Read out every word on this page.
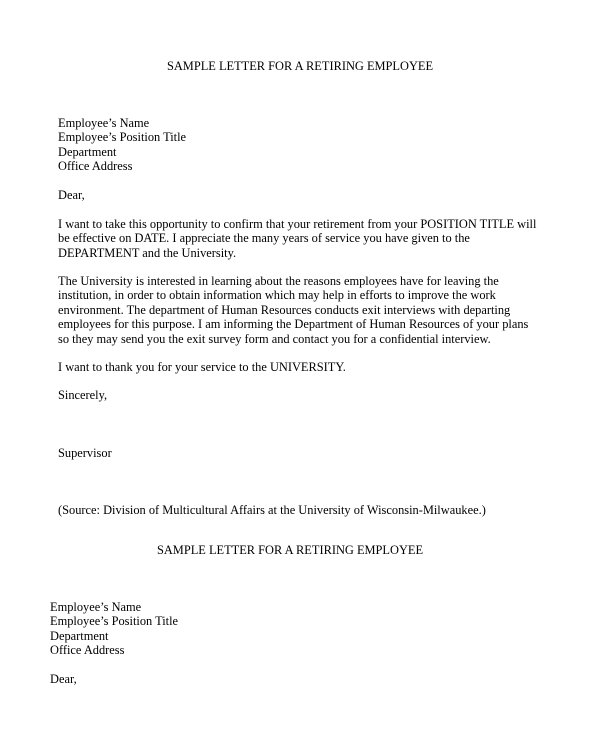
SAMPLE LETTER FOR A RETIRING EMPLOYEE
Employee’s Name
Employee’s Position Title
Department
Office Address
Dear,
I want to take this opportunity to confirm that your retirement from your POSITION TITLE will
be effective on DATE. I appreciate the many years of service you have given to the
DEPARTMENT and the University.
The University is interested in learning about the reasons employees have for leaving the
institution, in order to obtain information which may help in efforts to improve the work
environment. The department of Human Resources conducts exit interviews with departing
employees for this purpose. I am informing the Department of Human Resources of your plans
so they may send you the exit survey form and contact you for a confidential interview.
I want to thank you for your service to the UNIVERSITY.
Sincerely,
Supervisor
(Source: Division of Multicultural Affairs at the University of Wisconsin-Milwaukee.)
SAMPLE LETTER FOR A RETIRING EMPLOYEE
Employee’s Name
Employee’s Position Title
Department
Office Address
Dear,
